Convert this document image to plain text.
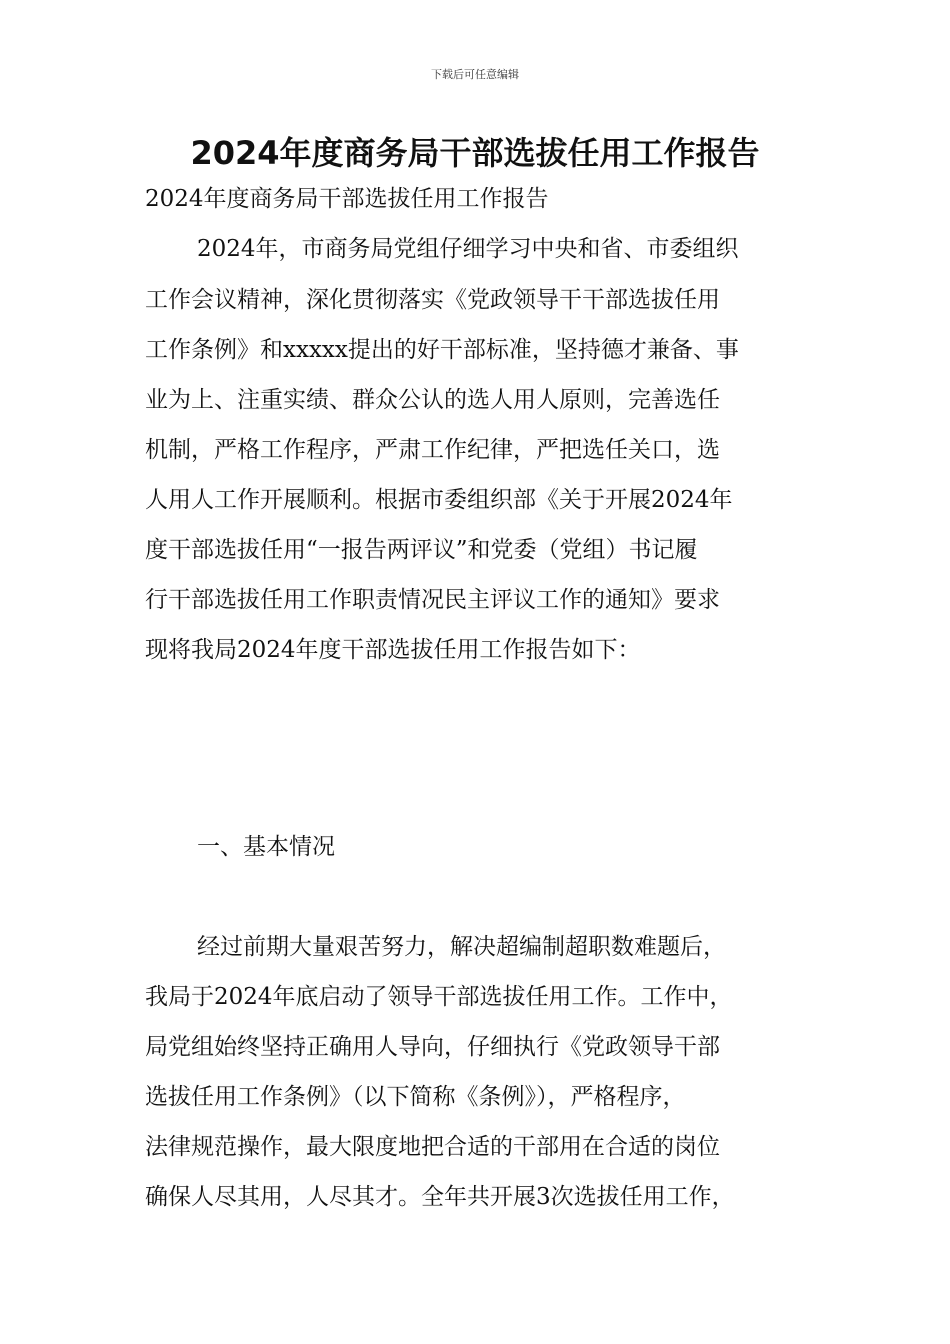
下载后可任意编辑
2024年度商务局干部选拔任用工作报告
2024年度商务局干部选拔任用工作报告
2024年，市商务局党组仔细学习中央和省、市委组织
工作会议精神，深化贯彻落实《党政领导干干部选拔任用
工作条例》和xxxxx提出的好干部标准，坚持德才兼备、事
业为上、注重实绩、群众公认的选人用人原则，完善选任
机制，严格工作程序，严肃工作纪律，严把选任关口，选
人用人工作开展顺利。根据市委组织部《关于开展2024年
度干部选拔任用“一报告两评议”和党委（党组）书记履
行干部选拔任用工作职责情况民主评议工作的通知》要求
现将我局2024年度干部选拔任用工作报告如下：
一、基本情况
经过前期大量艰苦努力，解决超编制超职数难题后，
我局于2024年底启动了领导干部选拔任用工作。工作中，
局党组始终坚持正确用人导向，仔细执行《党政领导干部
选拔任用工作条例》（以下简称《条例》），严格程序，
法律规范操作，最大限度地把合适的干部用在合适的岗位
确保人尽其用，人尽其才。全年共开展3次选拔任用工作，
